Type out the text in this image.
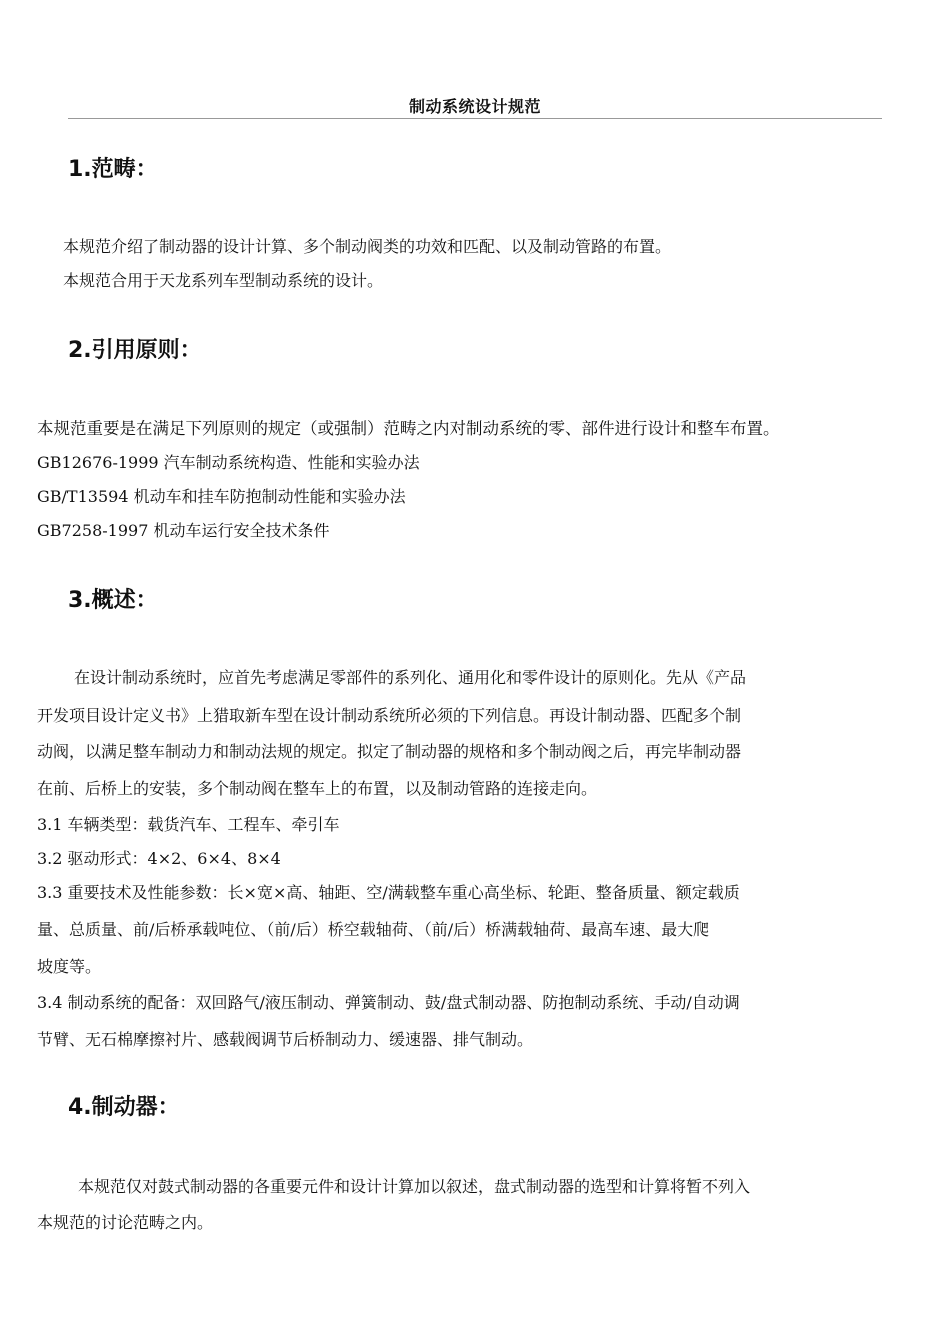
制动系统设计规范
1.范畴：
本规范介绍了制动器的设计计算、多个制动阀类的功效和匹配、以及制动管路的布置。
本规范合用于天龙系列车型制动系统的设计。
2.引用原则：
本规范重要是在满足下列原则的规定（或强制）范畴之内对制动系统的零、部件进行设计和整车布置。
GB12676-1999 汽车制动系统构造、性能和实验办法
GB/T13594 机动车和挂车防抱制动性能和实验办法
GB7258-1997 机动车运行安全技术条件
3.概述：
在设计制动系统时，应首先考虑满足零部件的系列化、通用化和零件设计的原则化。先从《产品
开发项目设计定义书》上猎取新车型在设计制动系统所必须的下列信息。再设计制动器、匹配多个制
动阀，以满足整车制动力和制动法规的规定。拟定了制动器的规格和多个制动阀之后，再完毕制动器
在前、后桥上的安装，多个制动阀在整车上的布置，以及制动管路的连接走向。
3.1 车辆类型：载货汽车、工程车、牵引车
3.2 驱动形式：4×2、6×4、8×4
3.3 重要技术及性能参数：长×宽×高、轴距、空/满载整车重心高坐标、轮距、整备质量、额定载质
量、总质量、前/后桥承载吨位、（前/后）桥空载轴荷、（前/后）桥满载轴荷、最高车速、最大爬
坡度等。
3.4 制动系统的配备：双回路气/液压制动、弹簧制动、鼓/盘式制动器、防抱制动系统、手动/自动调
节臂、无石棉摩擦衬片、感载阀调节后桥制动力、缓速器、排气制动。
4.制动器：
本规范仅对鼓式制动器的各重要元件和设计计算加以叙述，盘式制动器的选型和计算将暂不列入
本规范的讨论范畴之内。
